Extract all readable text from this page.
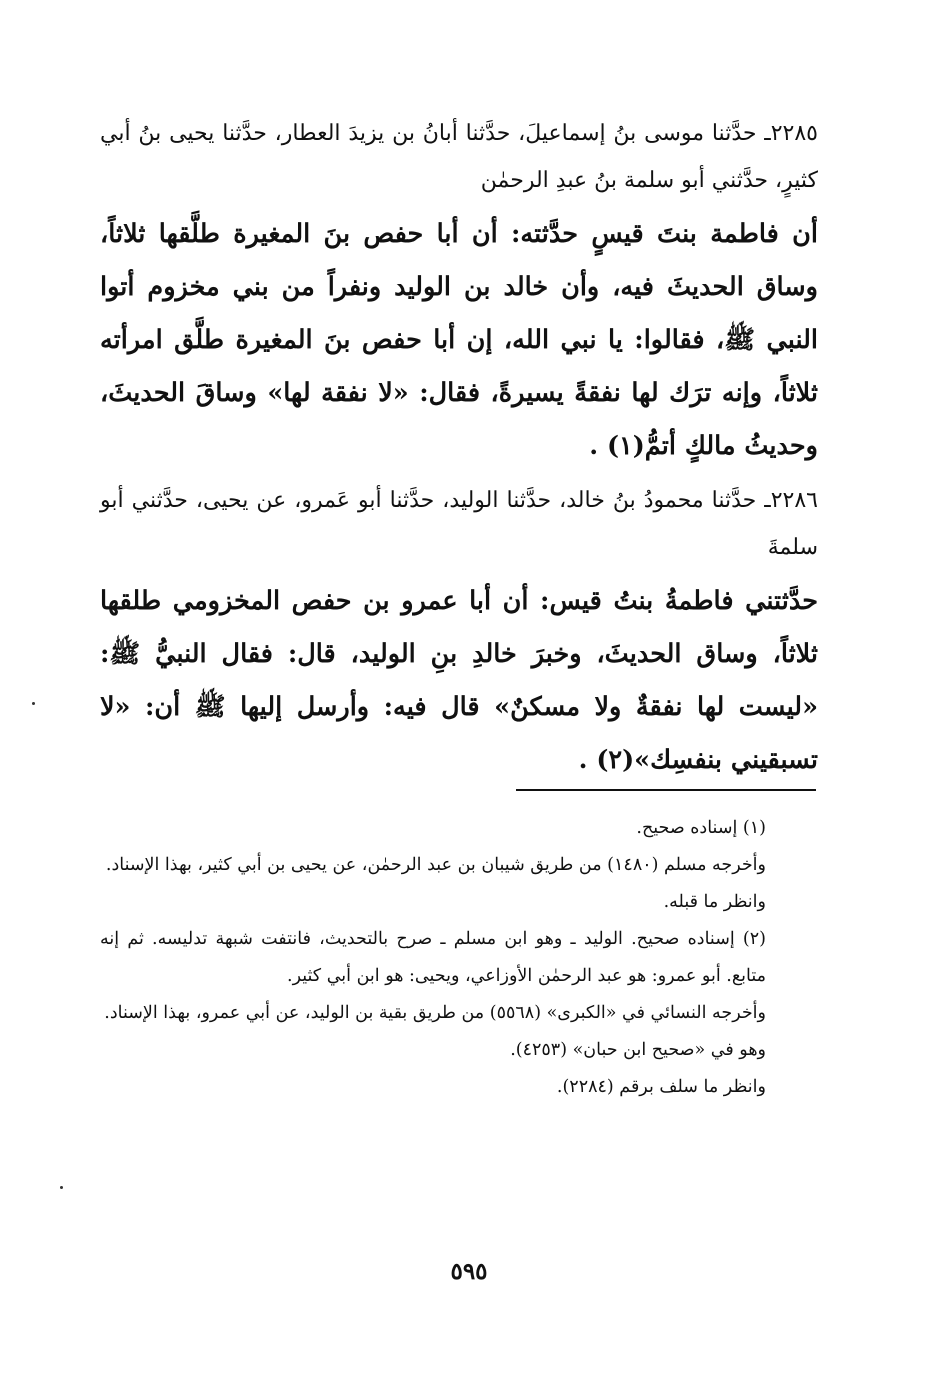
٢٢٨٥ـ حدَّثنا موسى بنُ إسماعيلَ، حدَّثنا أبانُ بن يزيدَ العطار، حدَّثنا يحيى بنُ أبي كثيرٍ، حدَّثني أبو سلمة بنُ عبدِ الرحمٰن

أن فاطمة بنتَ قيسٍ حدَّثته: أن أبا حفص بنَ المغيرة طلَّقها ثلاثاً، وساق الحديثَ فيه، وأن خالد بن الوليد ونفراً من بني مخزوم أتوا النبي ﷺ، فقالوا: يا نبي الله، إن أبا حفص بنَ المغيرة طلَّق امرأته ثلاثاً، وإنه ترَك لها نفقةً يسيرةً، فقال: «لا نفقة لها» وساقَ الحديثَ، وحديثُ مالكٍ أتمُّ(١) .

٢٢٨٦ـ حدَّثنا محمودُ بنُ خالد، حدَّثنا الوليد، حدَّثنا أبو عَمرو، عن يحيى، حدَّثني أبو سلمةَ

حدَّثتني فاطمةُ بنتُ قيس: أن أبا عمرو بن حفص المخزومي طلقها ثلاثاً، وساق الحديثَ، وخبرَ خالدِ بنِ الوليد، قال: فقال النبيُّ ﷺ: «ليست لها نفقةٌ ولا مسكنٌ» قال فيه: وأرسل إليها ﷺ أن: «لا تسبقيني بنفسِك»(٢) .

(١) إسناده صحيح.

وأخرجه مسلم (١٤٨٠) من طريق شيبان بن عبد الرحمٰن، عن يحيى بن أبي كثير، بهذا الإسناد.

وانظر ما قبله.

(٢) إسناده صحيح. الوليد ـ وهو ابن مسلم ـ صرح بالتحديث، فانتفت شبهة تدليسه. ثم إنه متابع. أبو عمرو: هو عبد الرحمٰن الأوزاعي، ويحيى: هو ابن أبي كثير.

وأخرجه النسائي في «الكبرى» (٥٥٦٨) من طريق بقية بن الوليد، عن أبي عمرو، بهذا الإسناد.

وهو في «صحيح ابن حبان» (٤٢٥٣).

وانظر ما سلف برقم (٢٢٨٤).

٥٩٥
